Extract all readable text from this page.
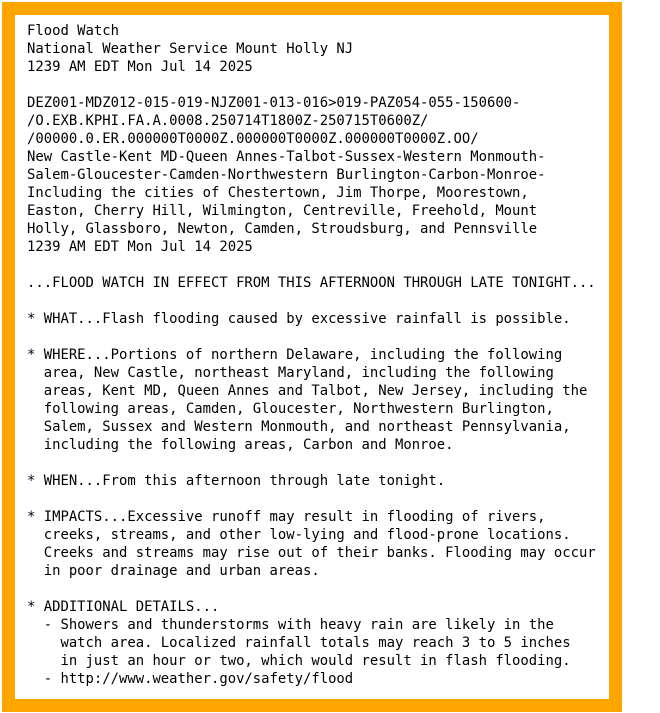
Flood Watch
National Weather Service Mount Holly NJ
1239 AM EDT Mon Jul 14 2025

DEZ001-MDZ012-015-019-NJZ001-013-016>019-PAZ054-055-150600-
/O.EXB.KPHI.FA.A.0008.250714T1800Z-250715T0600Z/
/00000.0.ER.000000T0000Z.000000T0000Z.000000T0000Z.OO/
New Castle-Kent MD-Queen Annes-Talbot-Sussex-Western Monmouth-
Salem-Gloucester-Camden-Northwestern Burlington-Carbon-Monroe-
Including the cities of Chestertown, Jim Thorpe, Moorestown,
Easton, Cherry Hill, Wilmington, Centreville, Freehold, Mount
Holly, Glassboro, Newton, Camden, Stroudsburg, and Pennsville
1239 AM EDT Mon Jul 14 2025

...FLOOD WATCH IN EFFECT FROM THIS AFTERNOON THROUGH LATE TONIGHT...

* WHAT...Flash flooding caused by excessive rainfall is possible.

* WHERE...Portions of northern Delaware, including the following
area, New Castle, northeast Maryland, including the following
areas, Kent MD, Queen Annes and Talbot, New Jersey, including the
following areas, Camden, Gloucester, Northwestern Burlington,
Salem, Sussex and Western Monmouth, and northeast Pennsylvania,
including the following areas, Carbon and Monroe.

* WHEN...From this afternoon through late tonight.

* IMPACTS...Excessive runoff may result in flooding of rivers,
creeks, streams, and other low-lying and flood-prone locations.
Creeks and streams may rise out of their banks. Flooding may occur
in poor drainage and urban areas.

* ADDITIONAL DETAILS...
- Showers and thunderstorms with heavy rain are likely in the
watch area. Localized rainfall totals may reach 3 to 5 inches
in just an hour or two, which would result in flash flooding.
- http://www.weather.gov/safety/flood
